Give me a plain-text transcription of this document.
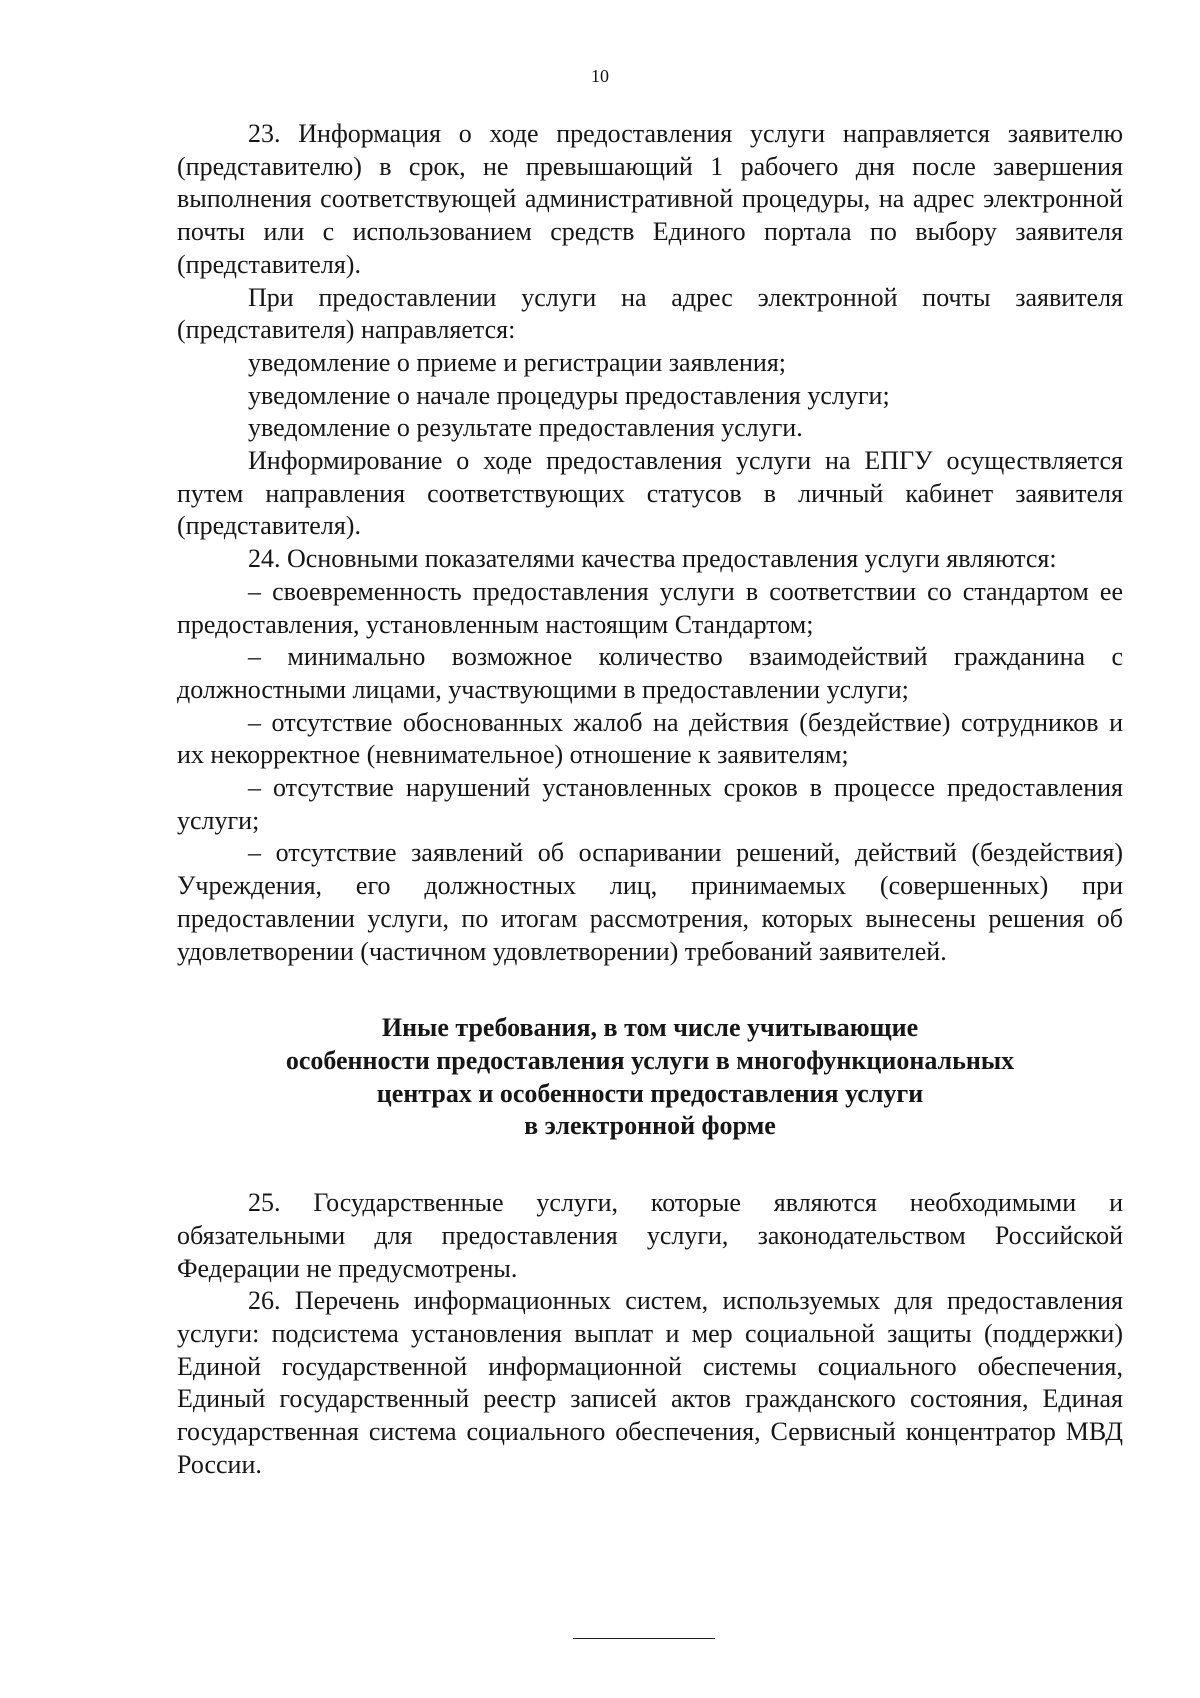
10

23. Информация о ходе предоставления услуги направляется заявителю (представителю) в срок, не превышающий 1 рабочего дня после завершения выполнения соответствующей административной процедуры, на адрес электронной почты или с использованием средств Единого портала по выбору заявителя (представителя).

При предоставлении услуги на адрес электронной почты заявителя (представителя) направляется:

уведомление о приеме и регистрации заявления;

уведомление о начале процедуры предоставления услуги;

уведомление о результате предоставления услуги.

Информирование о ходе предоставления услуги на ЕПГУ осуществляется путем направления соответствующих статусов в личный кабинет заявителя (представителя).

24. Основными показателями качества предоставления услуги являются:

– своевременность предоставления услуги в соответствии со стандартом ее предоставления, установленным настоящим Стандартом;

– минимально возможное количество взаимодействий гражданина с должностными лицами, участвующими в предоставлении услуги;

– отсутствие обоснованных жалоб на действия (бездействие) сотрудников и их некорректное (невнимательное) отношение к заявителям;

– отсутствие нарушений установленных сроков в процессе предоставления услуги;

– отсутствие заявлений об оспаривании решений, действий (бездействия) Учреждения, его должностных лиц, принимаемых (совершенных) при предоставлении услуги, по итогам рассмотрения, которых вынесены решения об удовлетворении (частичном удовлетворении) требований заявителей.

Иные требования, в том числе учитывающие

особенности предоставления услуги в многофункциональных

центрах и особенности предоставления услуги

в электронной форме

25. Государственные услуги, которые являются необходимыми и обязательными для предоставления услуги, законодательством Российской Федерации не предусмотрены.

26. Перечень информационных систем, используемых для предоставления услуги: подсистема установления выплат и мер социальной защиты (поддержки) Единой государственной информационной системы социального обеспечения, Единый государственный реестр записей актов гражданского состояния, Единая государственная система социального обеспечения, Сервисный концентратор МВД России.
